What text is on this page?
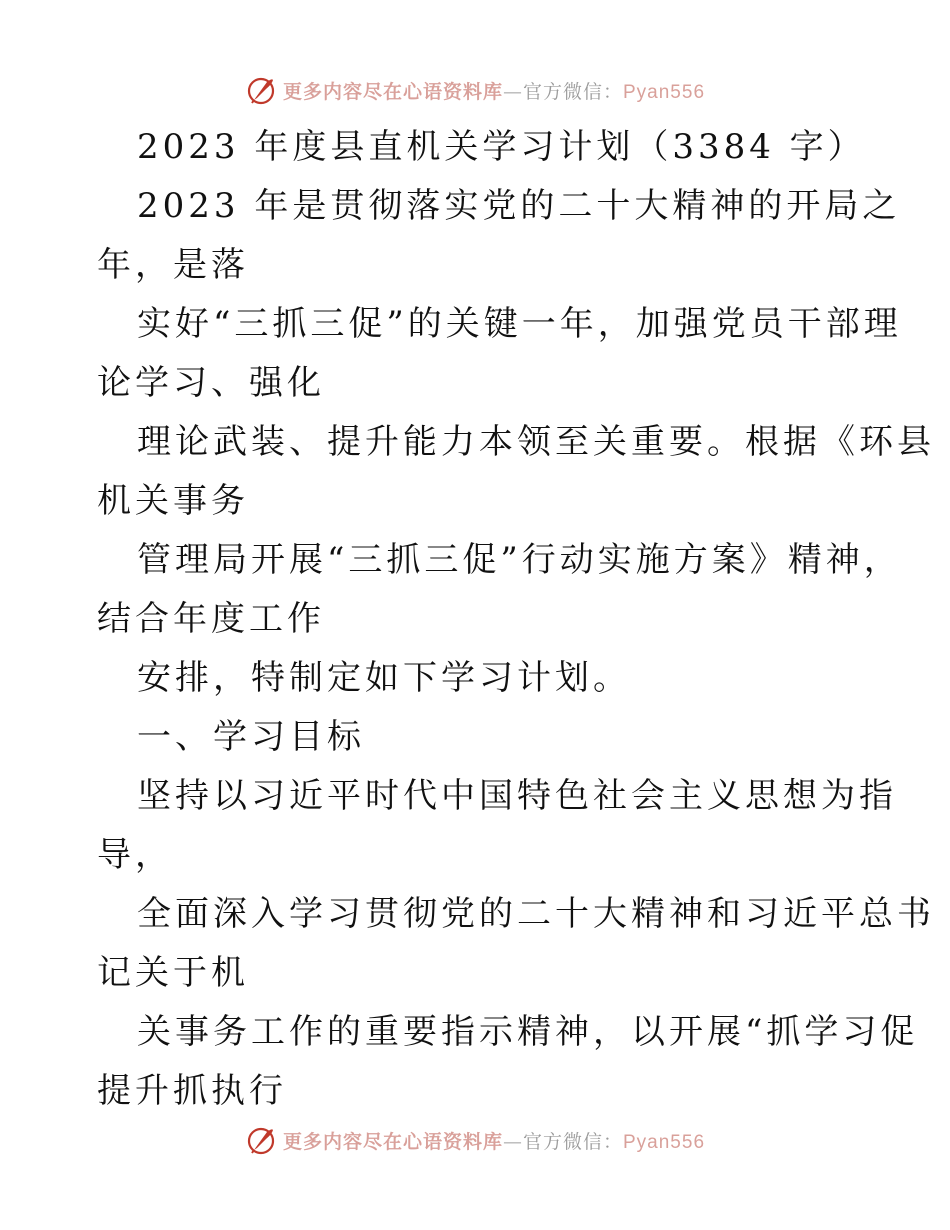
更多内容尽在心语资料库—官方微信：Pyan556
2023 年度县直机关学习计划（3384 字）
2023 年是贯彻落实党的二十大精神的开局之
年，是落
实好“三抓三促”的关键一年，加强党员干部理
论学习、强化
理论武装、提升能力本领至关重要。根据《环县
机关事务
管理局开展“三抓三促”行动实施方案》精神，
结合年度工作
安排，特制定如下学习计划。
一、学习目标
坚持以习近平时代中国特色社会主义思想为指
导，
全面深入学习贯彻党的二十大精神和习近平总书
记关于机
关事务工作的重要指示精神，以开展“抓学习促
提升抓执行
更多内容尽在心语资料库—官方微信：Pyan556
